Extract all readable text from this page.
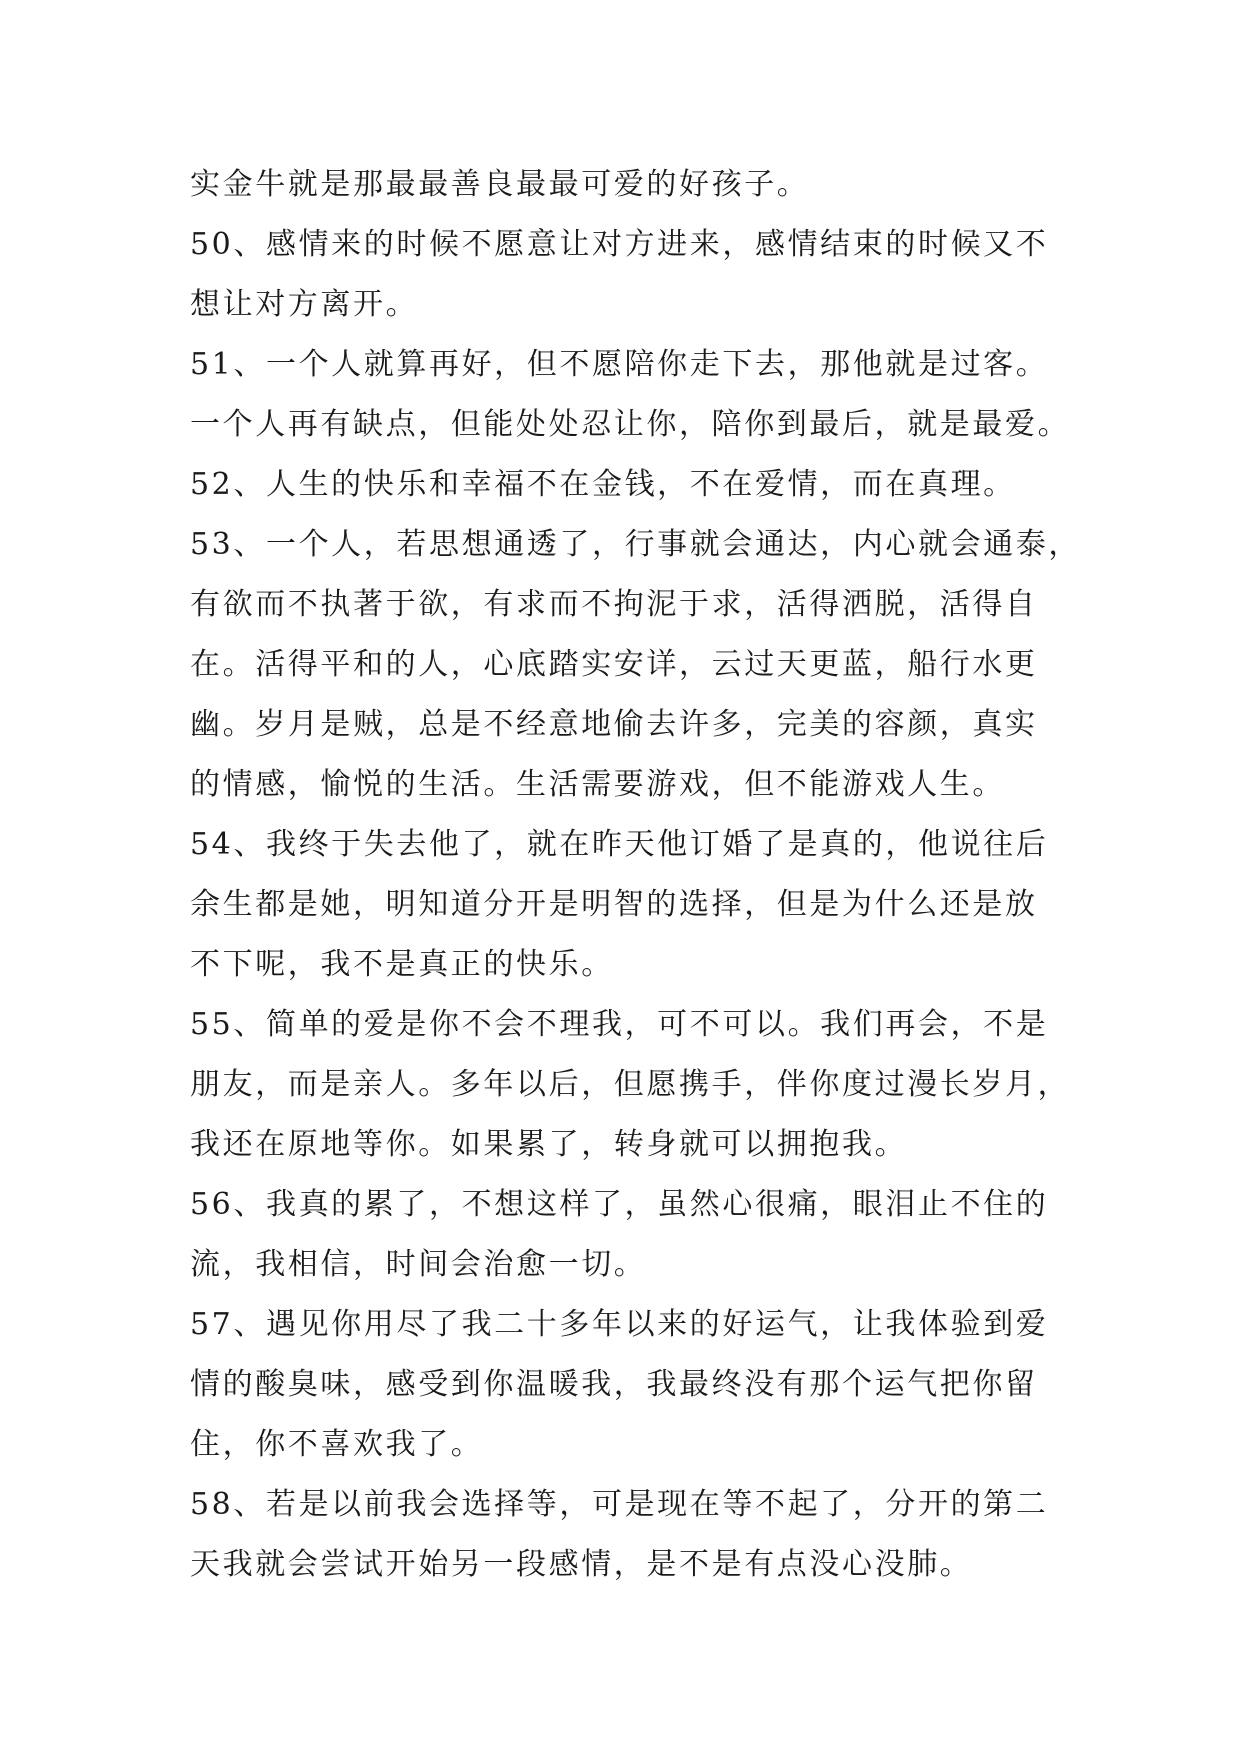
实金牛就是那最最善良最最可爱的好孩子。
50、感情来的时候不愿意让对方进来，感情结束的时候又不
想让对方离开。
51、一个人就算再好，但不愿陪你走下去，那他就是过客。
一个人再有缺点，但能处处忍让你，陪你到最后，就是最爱。
52、人生的快乐和幸福不在金钱，不在爱情，而在真理。
53、一个人，若思想通透了，行事就会通达，内心就会通泰，
有欲而不执著于欲，有求而不拘泥于求，活得洒脱，活得自
在。活得平和的人，心底踏实安详，云过天更蓝，船行水更
幽。岁月是贼，总是不经意地偷去许多，完美的容颜，真实
的情感，愉悦的生活。生活需要游戏，但不能游戏人生。
54、我终于失去他了，就在昨天他订婚了是真的，他说往后
余生都是她，明知道分开是明智的选择，但是为什么还是放
不下呢，我不是真正的快乐。
55、简单的爱是你不会不理我，可不可以。我们再会，不是
朋友，而是亲人。多年以后，但愿携手，伴你度过漫长岁月，
我还在原地等你。如果累了，转身就可以拥抱我。
56、我真的累了，不想这样了，虽然心很痛，眼泪止不住的
流，我相信，时间会治愈一切。
57、遇见你用尽了我二十多年以来的好运气，让我体验到爱
情的酸臭味，感受到你温暖我，我最终没有那个运气把你留
住，你不喜欢我了。
58、若是以前我会选择等，可是现在等不起了，分开的第二
天我就会尝试开始另一段感情，是不是有点没心没肺。
